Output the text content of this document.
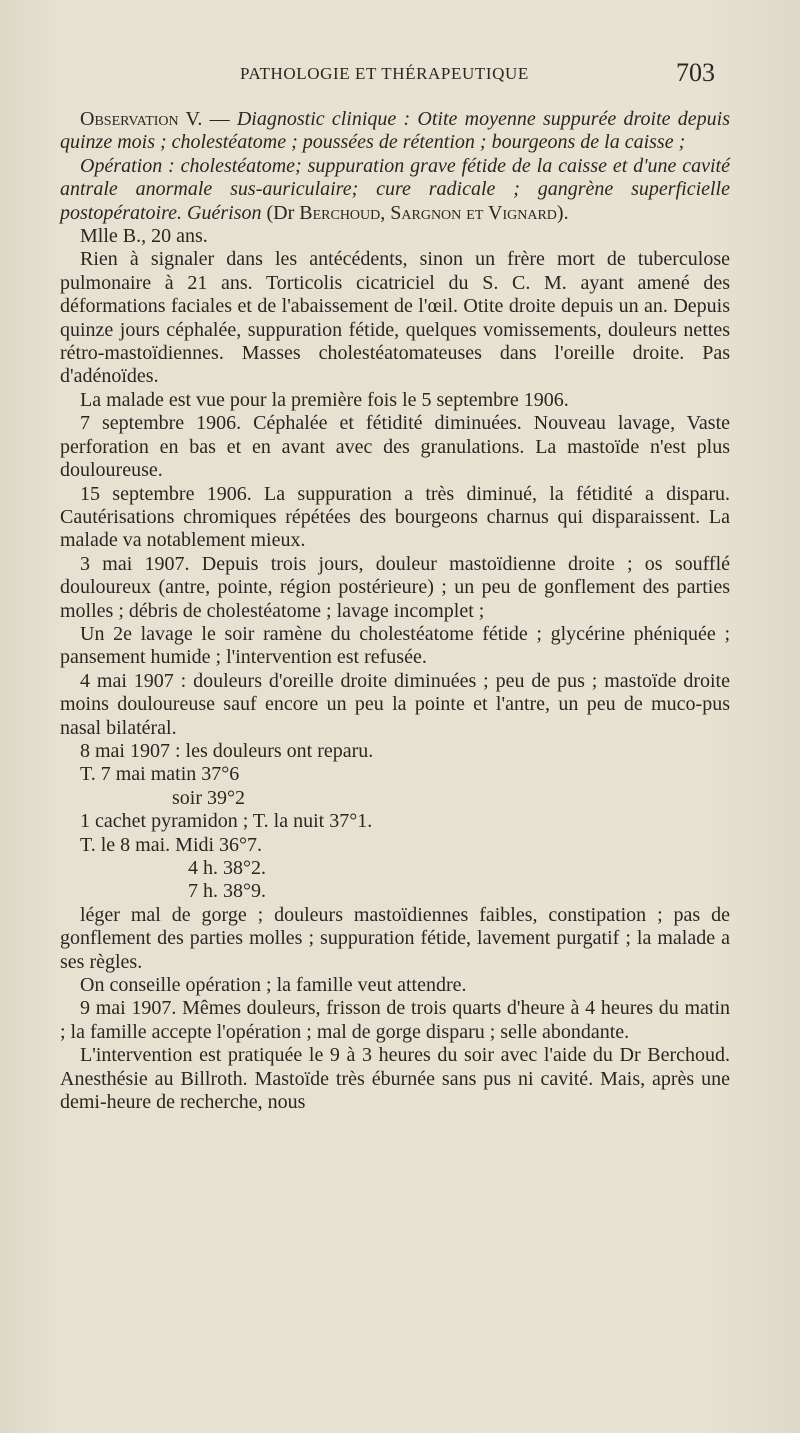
PATHOLOGIE ET THÉRAPEUTIQUE	703

Observation V. — Diagnostic clinique : Otite moyenne suppurée droite depuis quinze mois ; cholestéatome ; poussées de rétention ; bourgeons de la caisse ;

Opération : cholestéatome; suppuration grave fétide de la caisse et d'une cavité antrale anormale sus-auriculaire; cure radicale ; gangrène superficielle postopératoire. Guérison (Dr Berchoud, Sargnon et Vignard).

Mlle B., 20 ans.

Rien à signaler dans les antécédents, sinon un frère mort de tuberculose pulmonaire à 21 ans. Torticolis cicatriciel du S. C. M. ayant amené des déformations faciales et de l'abaissement de l'œil. Otite droite depuis un an. Depuis quinze jours céphalée, suppuration fétide, quelques vomissements, douleurs nettes rétro-mastoïdiennes. Masses cholestéatomateuses dans l'oreille droite. Pas d'adénoïdes.

La malade est vue pour la première fois le 5 septembre 1906.

7 septembre 1906. Céphalée et fétidité diminuées. Nouveau lavage, Vaste perforation en bas et en avant avec des granulations. La mastoïde n'est plus douloureuse.

15 septembre 1906. La suppuration a très diminué, la fétidité a disparu. Cautérisations chromiques répétées des bourgeons charnus qui disparaissent. La malade va notablement mieux.

3 mai 1907. Depuis trois jours, douleur mastoïdienne droite ; os soufflé douloureux (antre, pointe, région postérieure) ; un peu de gonflement des parties molles ; débris de cholestéatome ; lavage incomplet ;

Un 2e lavage le soir ramène du cholestéatome fétide ; glycérine phéniquée ; pansement humide ; l'intervention est refusée.

4 mai 1907 : douleurs d'oreille droite diminuées ; peu de pus ; mastoïde droite moins douloureuse sauf encore un peu la pointe et l'antre, un peu de muco-pus nasal bilatéral.

8 mai 1907 : les douleurs ont reparu.

T. 7 mai matin 37°6

soir 39°2

1 cachet pyramidon ; T. la nuit 37°1.

T. le 8 mai. Midi 36°7.

4 h. 38°2.

7 h. 38°9.

léger mal de gorge ; douleurs mastoïdiennes faibles, constipation ; pas de gonflement des parties molles ; suppuration fétide, lavement purgatif ; la malade a ses règles.

On conseille opération ; la famille veut attendre.

9 mai 1907. Mêmes douleurs, frisson de trois quarts d'heure à 4 heures du matin ; la famille accepte l'opération ; mal de gorge disparu ; selle abondante.

L'intervention est pratiquée le 9 à 3 heures du soir avec l'aide du Dr Berchoud. Anesthésie au Billroth. Mastoïde très éburnée sans pus ni cavité. Mais, après une demi-heure de recherche, nous
